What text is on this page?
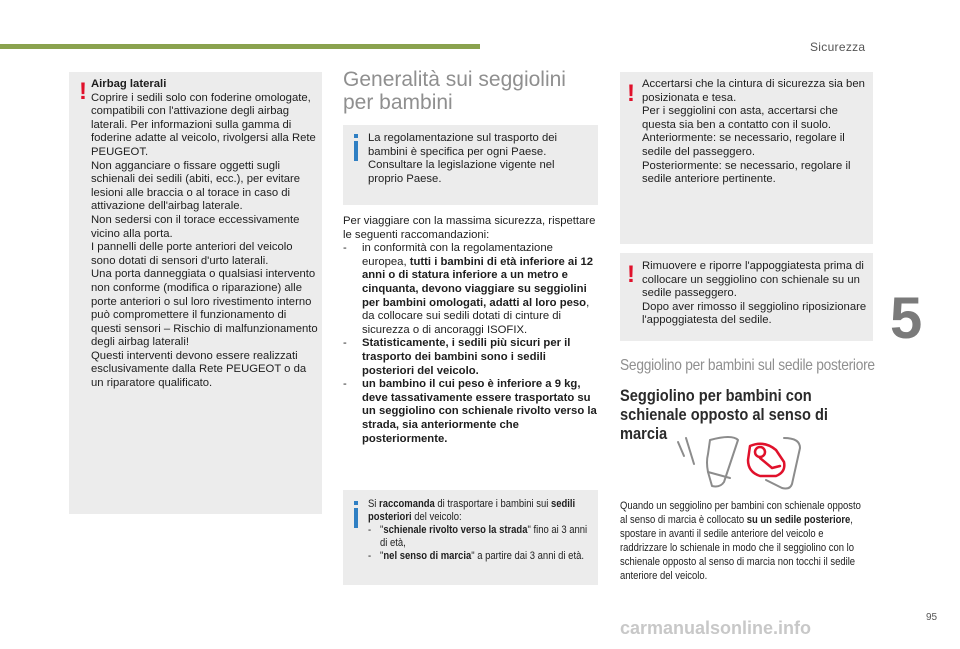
Sicurezza
5
95
! Airbag laterali

Coprire i sedili solo con foderine omologate, compatibili con l'attivazione degli airbag laterali. Per informazioni sulla gamma di foderine adatte al veicolo, rivolgersi alla Rete PEUGEOT.

Non agganciare o fissare oggetti sugli schienali dei sedili (abiti, ecc.), per evitare lesioni alle braccia o al torace in caso di attivazione dell'airbag laterale.

Non sedersi con il torace eccessivamente vicino alla porta.

I pannelli delle porte anteriori del veicolo sono dotati di sensori d'urto laterali.

Una porta danneggiata o qualsiasi intervento non conforme (modifica o riparazione) alle porte anteriori o sul loro rivestimento interno può compromettere il funzionamento di questi sensori – Rischio di malfunzionamento degli airbag laterali!

Questi interventi devono essere realizzati esclusivamente dalla Rete PEUGEOT o da un riparatore qualificato.

Generalità sui seggiolini
per bambini
La regolamentazione sul trasporto dei bambini è specifica per ogni Paese. Consultare la legislazione vigente nel proprio Paese.

Per viaggiare con la massima sicurezza, rispettare le seguenti raccomandazioni:

-	in conformità con la regolamentazione europea, tutti i bambini di età inferiore ai 12 anni o di statura inferiore a un metro e cinquanta, devono viaggiare su seggiolini per bambini omologati, adatti al loro peso, da collocare sui sedili dotati di cinture di sicurezza o di ancoraggi ISOFIX.
-	Statisticamente, i sedili più sicuri per il trasporto dei bambini sono i sedili posteriori del veicolo.
-	un bambino il cui peso è inferiore a 9 kg, deve tassativamente essere trasportato su un seggiolino con schienale rivolto verso la strada, sia anteriormente che posteriormente.

Si raccomanda di trasportare i bambini sui sedili posteriori del veicolo:

- "schienale rivolto verso la strada" fino ai 3 anni di età,
- "nel senso di marcia" a partire dai 3 anni di età.
! Accertarsi che la cintura di sicurezza sia ben posizionata e tesa.

Per i seggiolini con asta, accertarsi che questa sia ben a contatto con il suolo.

Anteriormente: se necessario, regolare il sedile del passeggero.

Posteriormente: se necessario, regolare il sedile anteriore pertinente.

! Rimuovere e riporre l'appoggiatesta prima di collocare un seggiolino con schienale su un sedile passeggero.

Dopo aver rimosso il seggiolino riposizionare l'appoggiatesta del sedile.

Seggiolino per bambini sul sedile posteriore
Seggiolino per bambini con schienale opposto al senso di marcia
Quando un seggiolino per bambini con schienale opposto al senso di marcia è collocato su un sedile posteriore, spostare in avanti il sedile anteriore del veicolo e raddrizzare lo schienale in modo che il seggiolino con lo schienale opposto al senso di marcia non tocchi il sedile anteriore del veicolo.
carmanualsonline.info
